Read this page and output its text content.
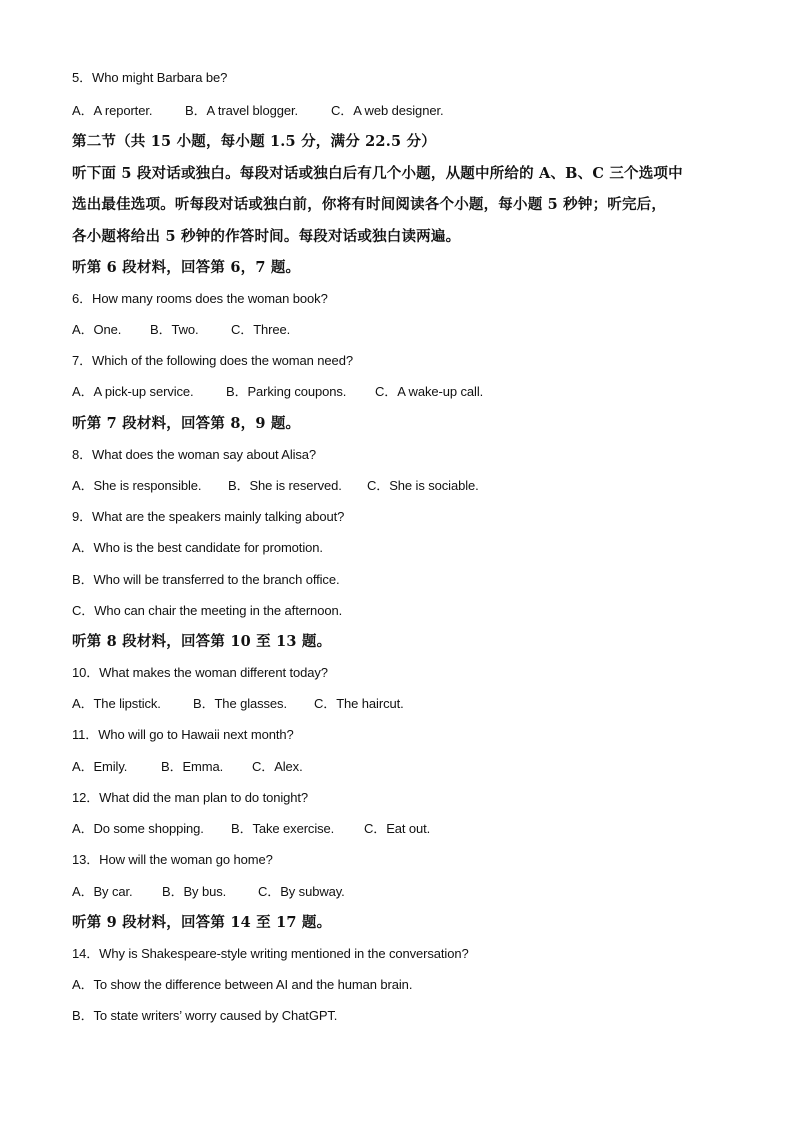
5．Who might Barbara be?
A．A reporter.	B．A travel blogger.	C．A web designer.
第二节（共 15 小题，每小题 1.5 分，满分 22.5 分）
听下面 5 段对话或独白。每段对话或独白后有几个小题，从题中所给的 A、B、C 三个选项中
选出最佳选项。听每段对话或独白前，你将有时间阅读各个小题，每小题 5 秒钟；听完后，
各小题将给出 5 秒钟的作答时间。每段对话或独白读两遍。
听第 6 段材料，回答第 6，7 题。
6．How many rooms does the woman book?
A．One. B．Two. C．Three.
7．Which of the following does the woman need?
A．A pick-up service. B．Parking coupons. C．A wake-up call.
听第 7 段材料，回答第 8，9 题。
8．What does the woman say about Alisa?
A．She is responsible. B．She is reserved. C．She is sociable.
9．What are the speakers mainly talking about?
A．Who is the best candidate for promotion.
B．Who will be transferred to the branch office.
C．Who can chair the meeting in the afternoon.
听第 8 段材料，回答第 10 至 13 题。
10．What makes the woman different today?
A．The lipstick. B．The glasses. C．The haircut.
11．Who will go to Hawaii next month?
A．Emily.	B．Emma. C．Alex.
12．What did the man plan to do tonight?
A．Do some shopping. B．Take exercise. C．Eat out.
13．How will the woman go home?
A．By car. B．By bus. C．By subway.
听第 9 段材料，回答第 14 至 17 题。
14．Why is Shakespeare-style writing mentioned in the conversation?
A．To show the difference between AI and the human brain.
B．To state writers’ worry caused by ChatGPT.
